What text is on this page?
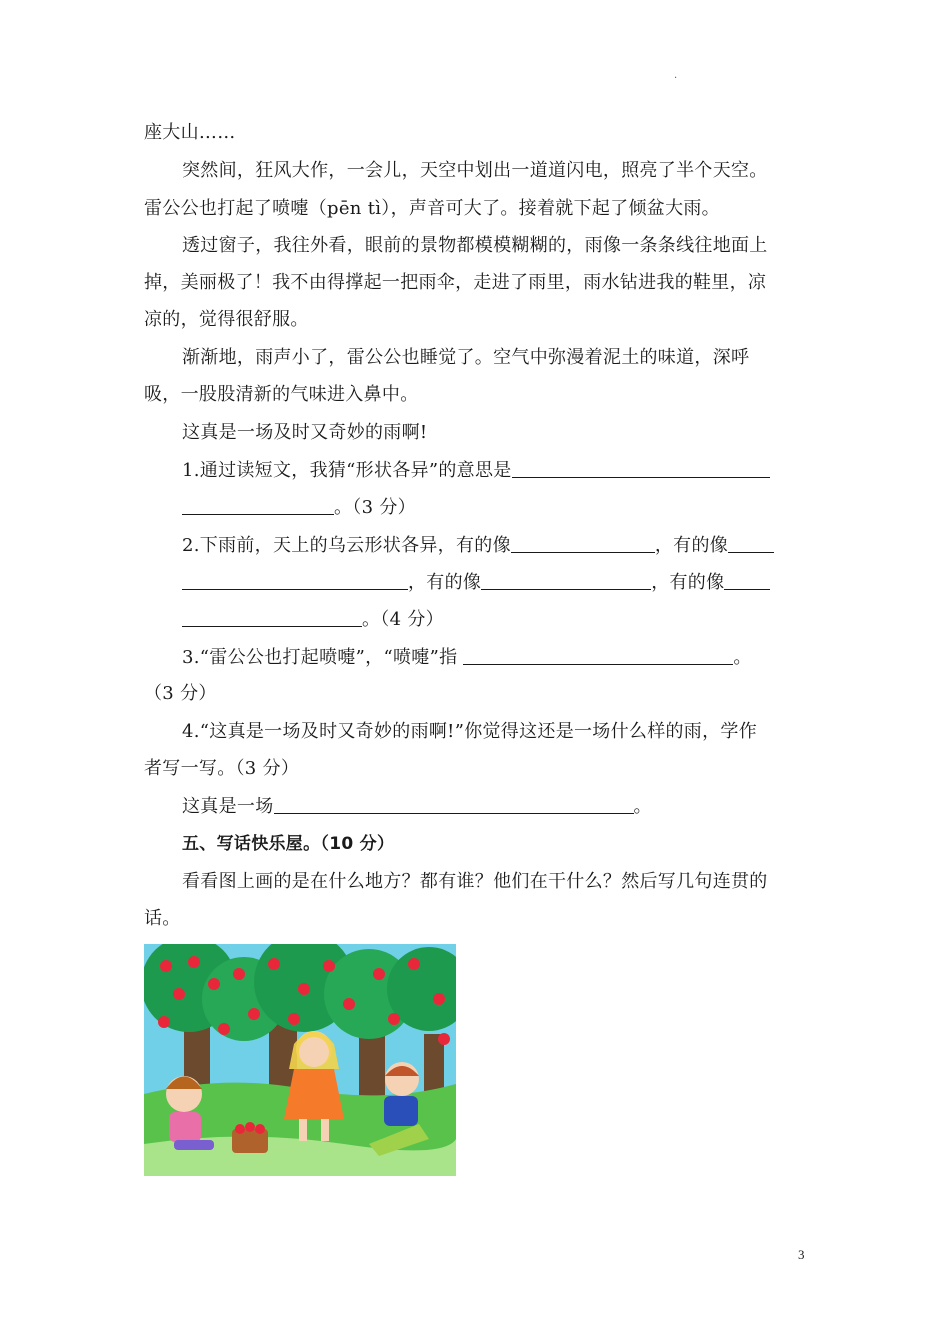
.
座大山……
突然间，狂风大作，一会儿，天空中划出一道道闪电，照亮了半个天空。
雷公公也打起了喷嚏（pēn tì），声音可大了。接着就下起了倾盆大雨。
透过窗子，我往外看，眼前的景物都模模糊糊的，雨像一条条线往地面上
掉，美丽极了！我不由得撑起一把雨伞，走进了雨里，雨水钻进我的鞋里，凉
凉的，觉得很舒服。
渐渐地，雨声小了，雷公公也睡觉了。空气中弥漫着泥土的味道，深呼
吸，一股股清新的气味进入鼻中。
这真是一场及时又奇妙的雨啊!
1.通过读短文，我猜“形状各异”的意思是
。（3 分）
2.下雨前，天上的乌云形状各异，有的像	，有的像
，有的像	，有的像
。（4 分）
3.“雷公公也打起喷嚏”，“喷嚏”指	。
（3 分）
4.“这真是一场及时又奇妙的雨啊!”你觉得这还是一场什么样的雨，学作
者写一写。（3 分）
这真是一场	。
五、写话快乐屋。（10 分）
看看图上画的是在什么地方？都有谁？他们在干什么？然后写几句连贯的
话。
3
